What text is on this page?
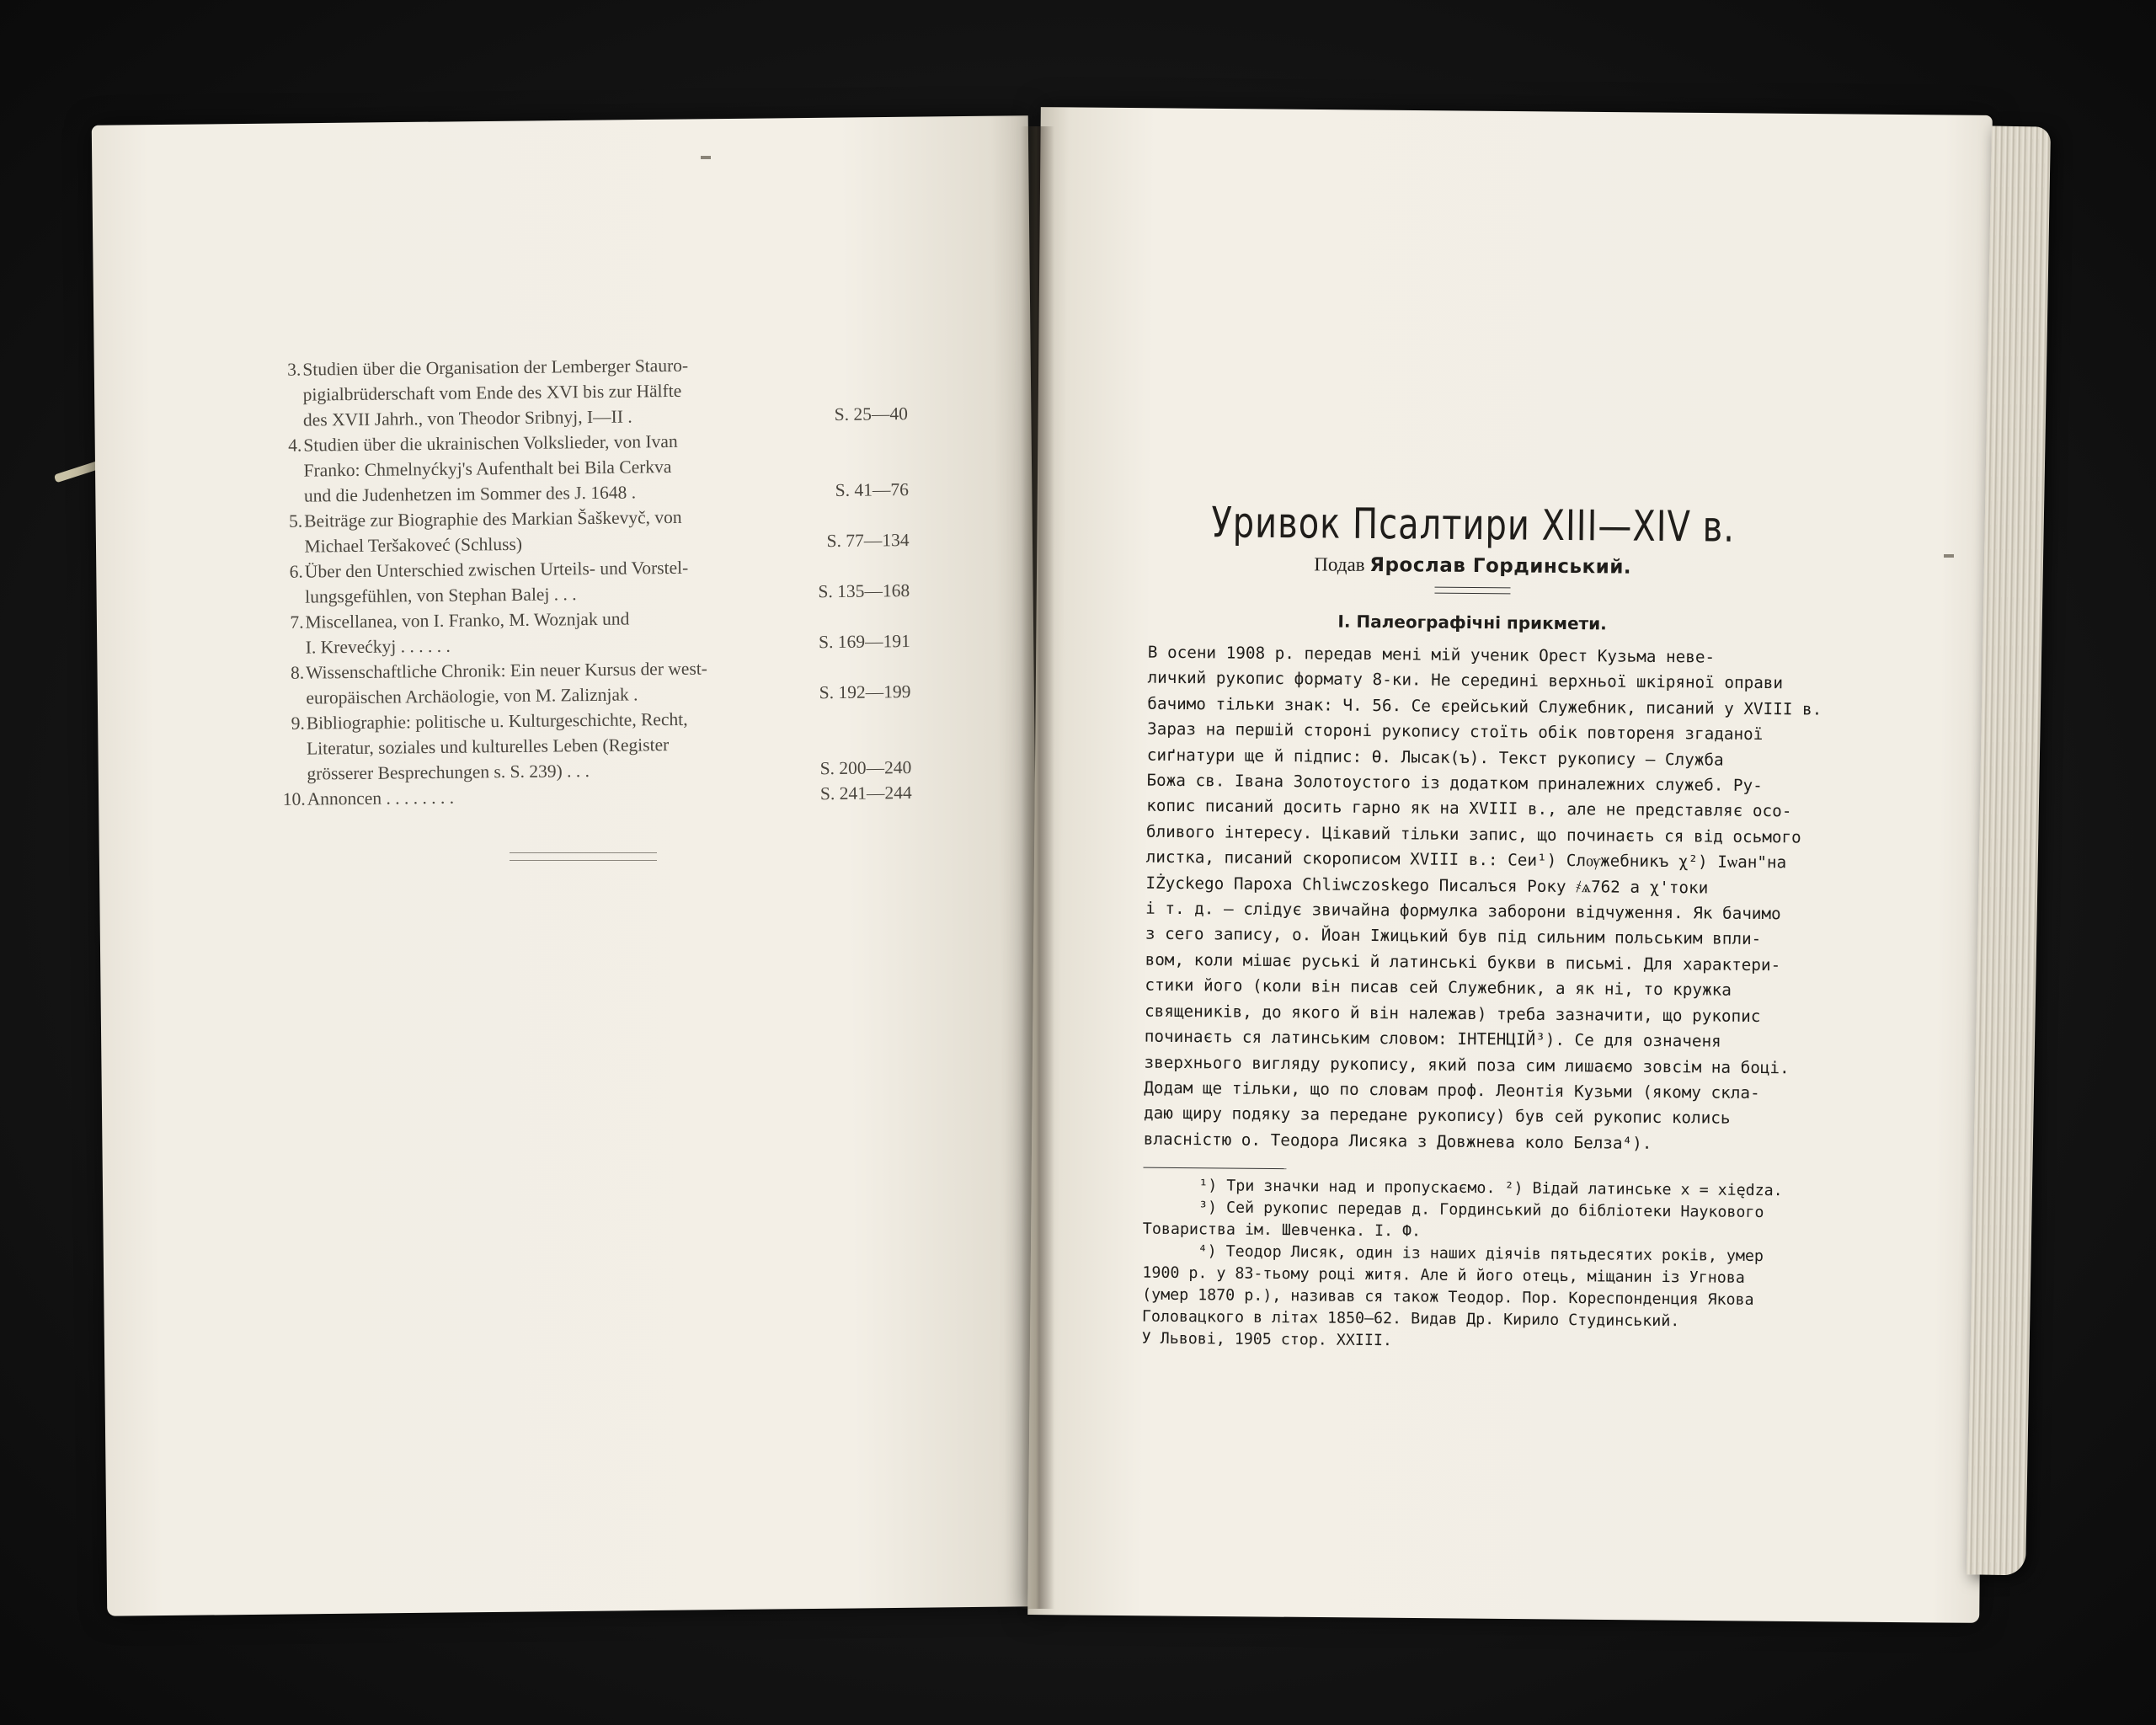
3.Studien über die Organisation der Lemberger Stauro-
pigialbrüderschaft vom Ende des XVI bis zur Hälfte
des XVII Jahrh., von Theodor Sribnyj, I—II .	S. 25—40
4.Studien über die ukrainischen Volkslieder, von Ivan
Franko: Chmelnyćkyj's Aufenthalt bei Bila Cerkva
und die Judenhetzen im Sommer des J. 1648 .	S. 41—76
5.Beiträge zur Biographie des Markian Šaškevyč, von
Michael Teršakoveć (Schluss)	S. 77—134
6.Über den Unterschied zwischen Urteils- und Vorstel-
lungsgefühlen, von Stephan Balej . . .	S. 135—168
7.Miscellanea, von I. Franko, M. Woznjak und
I. Krevećkyj . . . . . .	S. 169—191
8.Wissenschaftliche Chronik: Ein neuer Kursus der west-
europäischen Archäologie, von M. Zaliznjak .	S. 192—199
9.Bibliographie: politische u. Kulturgeschichte, Recht,
Literatur, soziales und kulturelles Leben (Register
grösserer Besprechungen s. S. 239) . . .	S. 200—240
10.Annoncen . . . . . . . .	S. 241—244
Уривок Псалтири XIII—XIV в.
Подав Ярослав Гординський.
I. Палеографічні прикмети.

В осени 1908 р. передав мені мій ученик Орест Кузьма неве-
личкий рукопис формату 8-ки. Не середині верхньої шкіряної оправи
бачимо тільки знак: Ч. 56. Се єрейський Служебник, писаний у XVIII в.
Зараз на першій стороні рукопису стоїть обік повтореня згаданої
сиґнатури ще й підпис: Ѳ. Лысак(ъ). Текст рукопису — Служба
Божа св. Івана Золотоустого із додатком приналежних служеб. Ру-
копис писаний досить гарно як на XVIII в., але не представляє осо-
бливого інтересу. Цікавий тільки запис, що починаєть ся від осьмого
листка, писаний скорописом XVIII в.: Сеи¹) Слѹжебникъ χ²) Іѡан"на
IŻyckego Пароха Chliwczoskego Писалъся Року ҂ѧ762 а χ'токи
і т. д. — слідує звичайна формулка заборони відчуження. Як бачимо
з сего запису, о. Йоан Іжицький був під сильним польським впли-
вом, коли мішає руські й латинські букви в письмі. Для характери-
стики його (коли він писав сей Служебник, а як ні, то кружка
священиків, до якого й він належав) треба зазначити, що рукопис
починаєть ся латинським словом: ІНТЕНЦІЙ³). Се для означеня
зверхнього вигляду рукопису, який поза сим лишаємо зовсім на боці.
Додам ще тільки, що по словам проф. Леонтія Кузьми (якому скла-
даю щиру подяку за передане рукопису) був сей рукопис колись
власністю о. Теодора Лисяка з Довжнева коло Белза⁴).

¹) Три значки над и пропускаємо. ²) Відай латинське x = xiędza.
³) Сей рукопис передав д. Гординський до бібліотеки Наукового
Товариства ім. Шевченка. І. Ф.
⁴) Теодор Лисяк, один із наших діячів пятьдесятих років, умер
1900 р. у 83-тьому році житя. Але й його отець, міщанин із Угнова
(умер 1870 р.), називав ся також Теодор. Пор. Кореспонденция Якова
Головацкого в літах 1850—62. Видав Др. Кирило Студинський.
У Львові, 1905 стор. XXIII.
